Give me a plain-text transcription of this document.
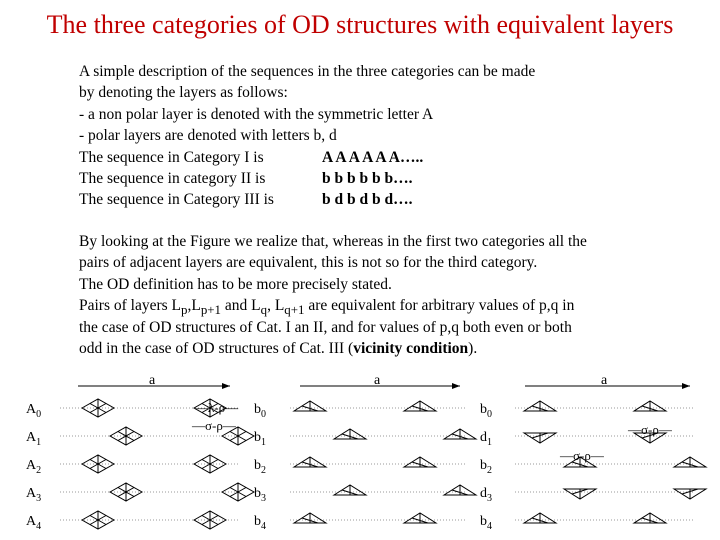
The three categories of OD structures with equivalent layers
A simple description of the sequences in the three categories can be made
by denoting the layers as follows:
- a non polar layer is denoted with the symmetric letter A
- polar layers are denoted with letters b, d
The sequence in Category I is	A A A A A A…..
The sequence in category II is	b b b b b b….
The sequence in Category III is	b d b d b d….
By looking at the Figure we realize that, whereas in the first two categories all the
pairs of adjacent layers are equivalent, this is not so for the third category.
The OD definition has to be more precisely stated.
Pairs of layers $L_p,L_{p+1}$ and $L_q$, $L_{q+1}$ are equivalent for arbitrary values of p,q in
the case of OD structures of Cat. I an II, and for values of p,q both even or both
odd in the case of OD structures of Cat. III (vicinity condition).
a
$A_0$
$A_1$
$A_2$
$A_3$
$A_4$
a
$b_0$
$b_1$
$b_2$
$b_3$
$b_4$
a
$b_0$
$d_1$
$b_2$
$d_3$
$b_4$
—λ-ρ—
—σ-ρ—	—σ-ρ—
—σ-ρ—
